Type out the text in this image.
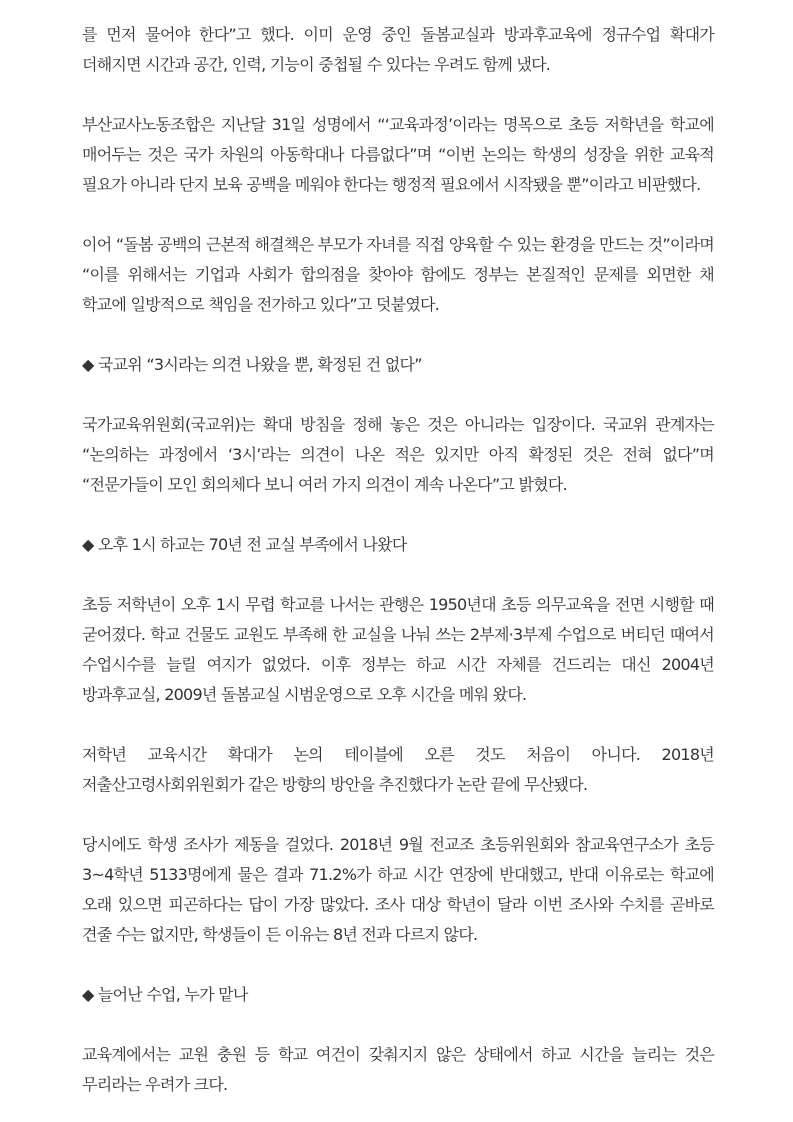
를 먼저 물어야 한다”고 했다. 이미 운영 중인 돌봄교실과 방과후교육에 정규수업 확대가 더해지면 시간과 공간, 인력, 기능이 중첩될 수 있다는 우려도 함께 냈다.

부산교사노동조합은 지난달 31일 성명에서 “‘교육과정’이라는 명목으로 초등 저학년을 학교에 매어두는 것은 국가 차원의 아동학대나 다름없다”며 “이번 논의는 학생의 성장을 위한 교육적 필요가 아니라 단지 보육 공백을 메워야 한다는 행정적 필요에서 시작됐을 뿐”이라고 비판했다.

이어 “돌봄 공백의 근본적 해결책은 부모가 자녀를 직접 양육할 수 있는 환경을 만드는 것”이라며 “이를 위해서는 기업과 사회가 합의점을 찾아야 함에도 정부는 본질적인 문제를 외면한 채 학교에 일방적으로 책임을 전가하고 있다”고 덧붙였다.

◆ 국교위 “3시라는 의견 나왔을 뿐, 확정된 건 없다”

국가교육위원회(국교위)는 확대 방침을 정해 놓은 것은 아니라는 입장이다. 국교위 관계자는 “논의하는 과정에서 ‘3시’라는 의견이 나온 적은 있지만 아직 확정된 것은 전혀 없다”며 “전문가들이 모인 회의체다 보니 여러 가지 의견이 계속 나온다”고 밝혔다.

◆ 오후 1시 하교는 70년 전 교실 부족에서 나왔다

초등 저학년이 오후 1시 무렵 학교를 나서는 관행은 1950년대 초등 의무교육을 전면 시행할 때 굳어졌다. 학교 건물도 교원도 부족해 한 교실을 나눠 쓰는 2부제·3부제 수업으로 버티던 때여서 수업시수를 늘릴 여지가 없었다. 이후 정부는 하교 시간 자체를 건드리는 대신 2004년 방과후교실, 2009년 돌봄교실 시범운영으로 오후 시간을 메워 왔다.

저학년 교육시간 확대가 논의 테이블에 오른 것도 처음이 아니다. 2018년 저출산고령사회위원회가 같은 방향의 방안을 추진했다가 논란 끝에 무산됐다.

당시에도 학생 조사가 제동을 걸었다. 2018년 9월 전교조 초등위원회와 참교육연구소가 초등 3~4학년 5133명에게 물은 결과 71.2%가 하교 시간 연장에 반대했고, 반대 이유로는 학교에 오래 있으면 피곤하다는 답이 가장 많았다. 조사 대상 학년이 달라 이번 조사와 수치를 곧바로 견줄 수는 없지만, 학생들이 든 이유는 8년 전과 다르지 않다.

◆ 늘어난 수업, 누가 맡나

교육계에서는 교원 충원 등 학교 여건이 갖춰지지 않은 상태에서 하교 시간을 늘리는 것은 무리라는 우려가 크다.
